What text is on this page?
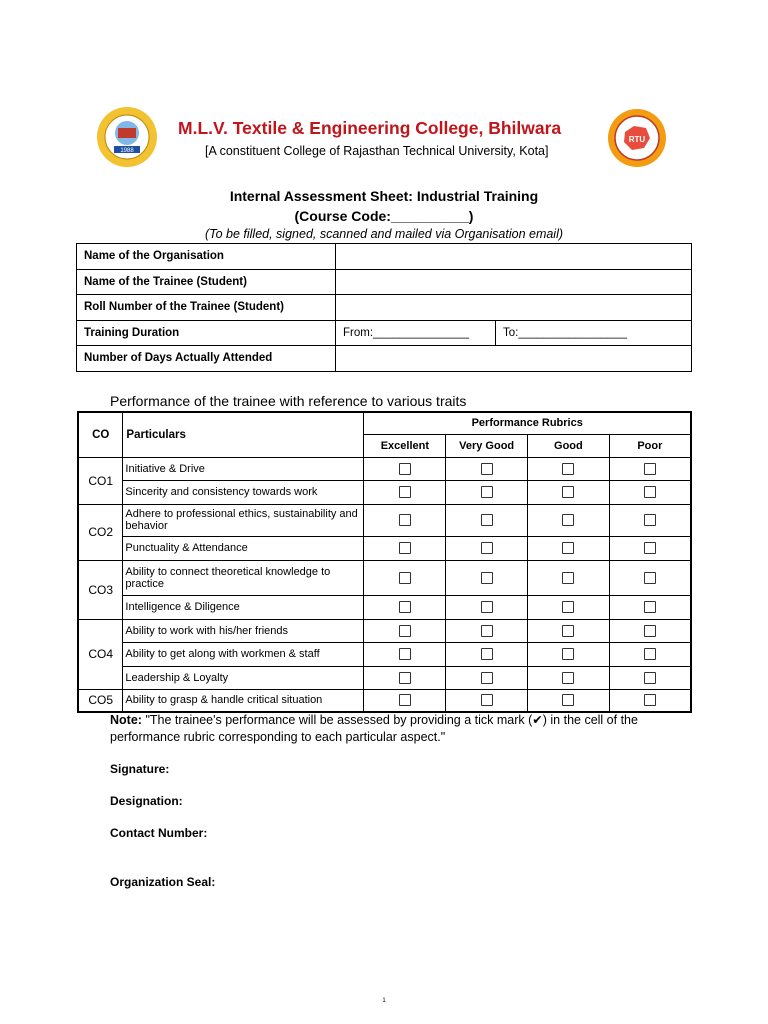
1988
M.L.V. Textile & Engineering College, Bhilwara
[A constituent College of Rajasthan Technical University, Kota]
RTU
Internal Assessment Sheet: Industrial Training
(Course Code:__________)
(To be filled, signed, scanned and mailed via Organisation email)
Name of the Organisation		
Name of the Trainee (Student)		
Roll Number of the Trainee (Student)		
Training Duration	From:_______________	To:_________________
Number of Days Actually Attended		
Performance of the trainee with reference to various traits
CO	Particulars	Performance Rubrics			
		Excellent	Very Good	Good	Poor
CO1	Initiative & Drive				
	Sincerity and consistency towards work				
CO2	Adhere to professional ethics, sustainability and behavior				
	Punctuality & Attendance				
CO3	Ability to connect theoretical knowledge to practice				
	Intelligence & Diligence				
CO4	Ability to work with his/her friends				
	Ability to get along with workmen & staff				
	Leadership & Loyalty				
CO5	Ability to grasp & handle critical situation				
Note: "The trainee's performance will be assessed by providing a tick mark (✔) in the cell of the performance rubric corresponding to each particular aspect."
Signature:
Designation:
Contact Number:
Organization Seal:
1
